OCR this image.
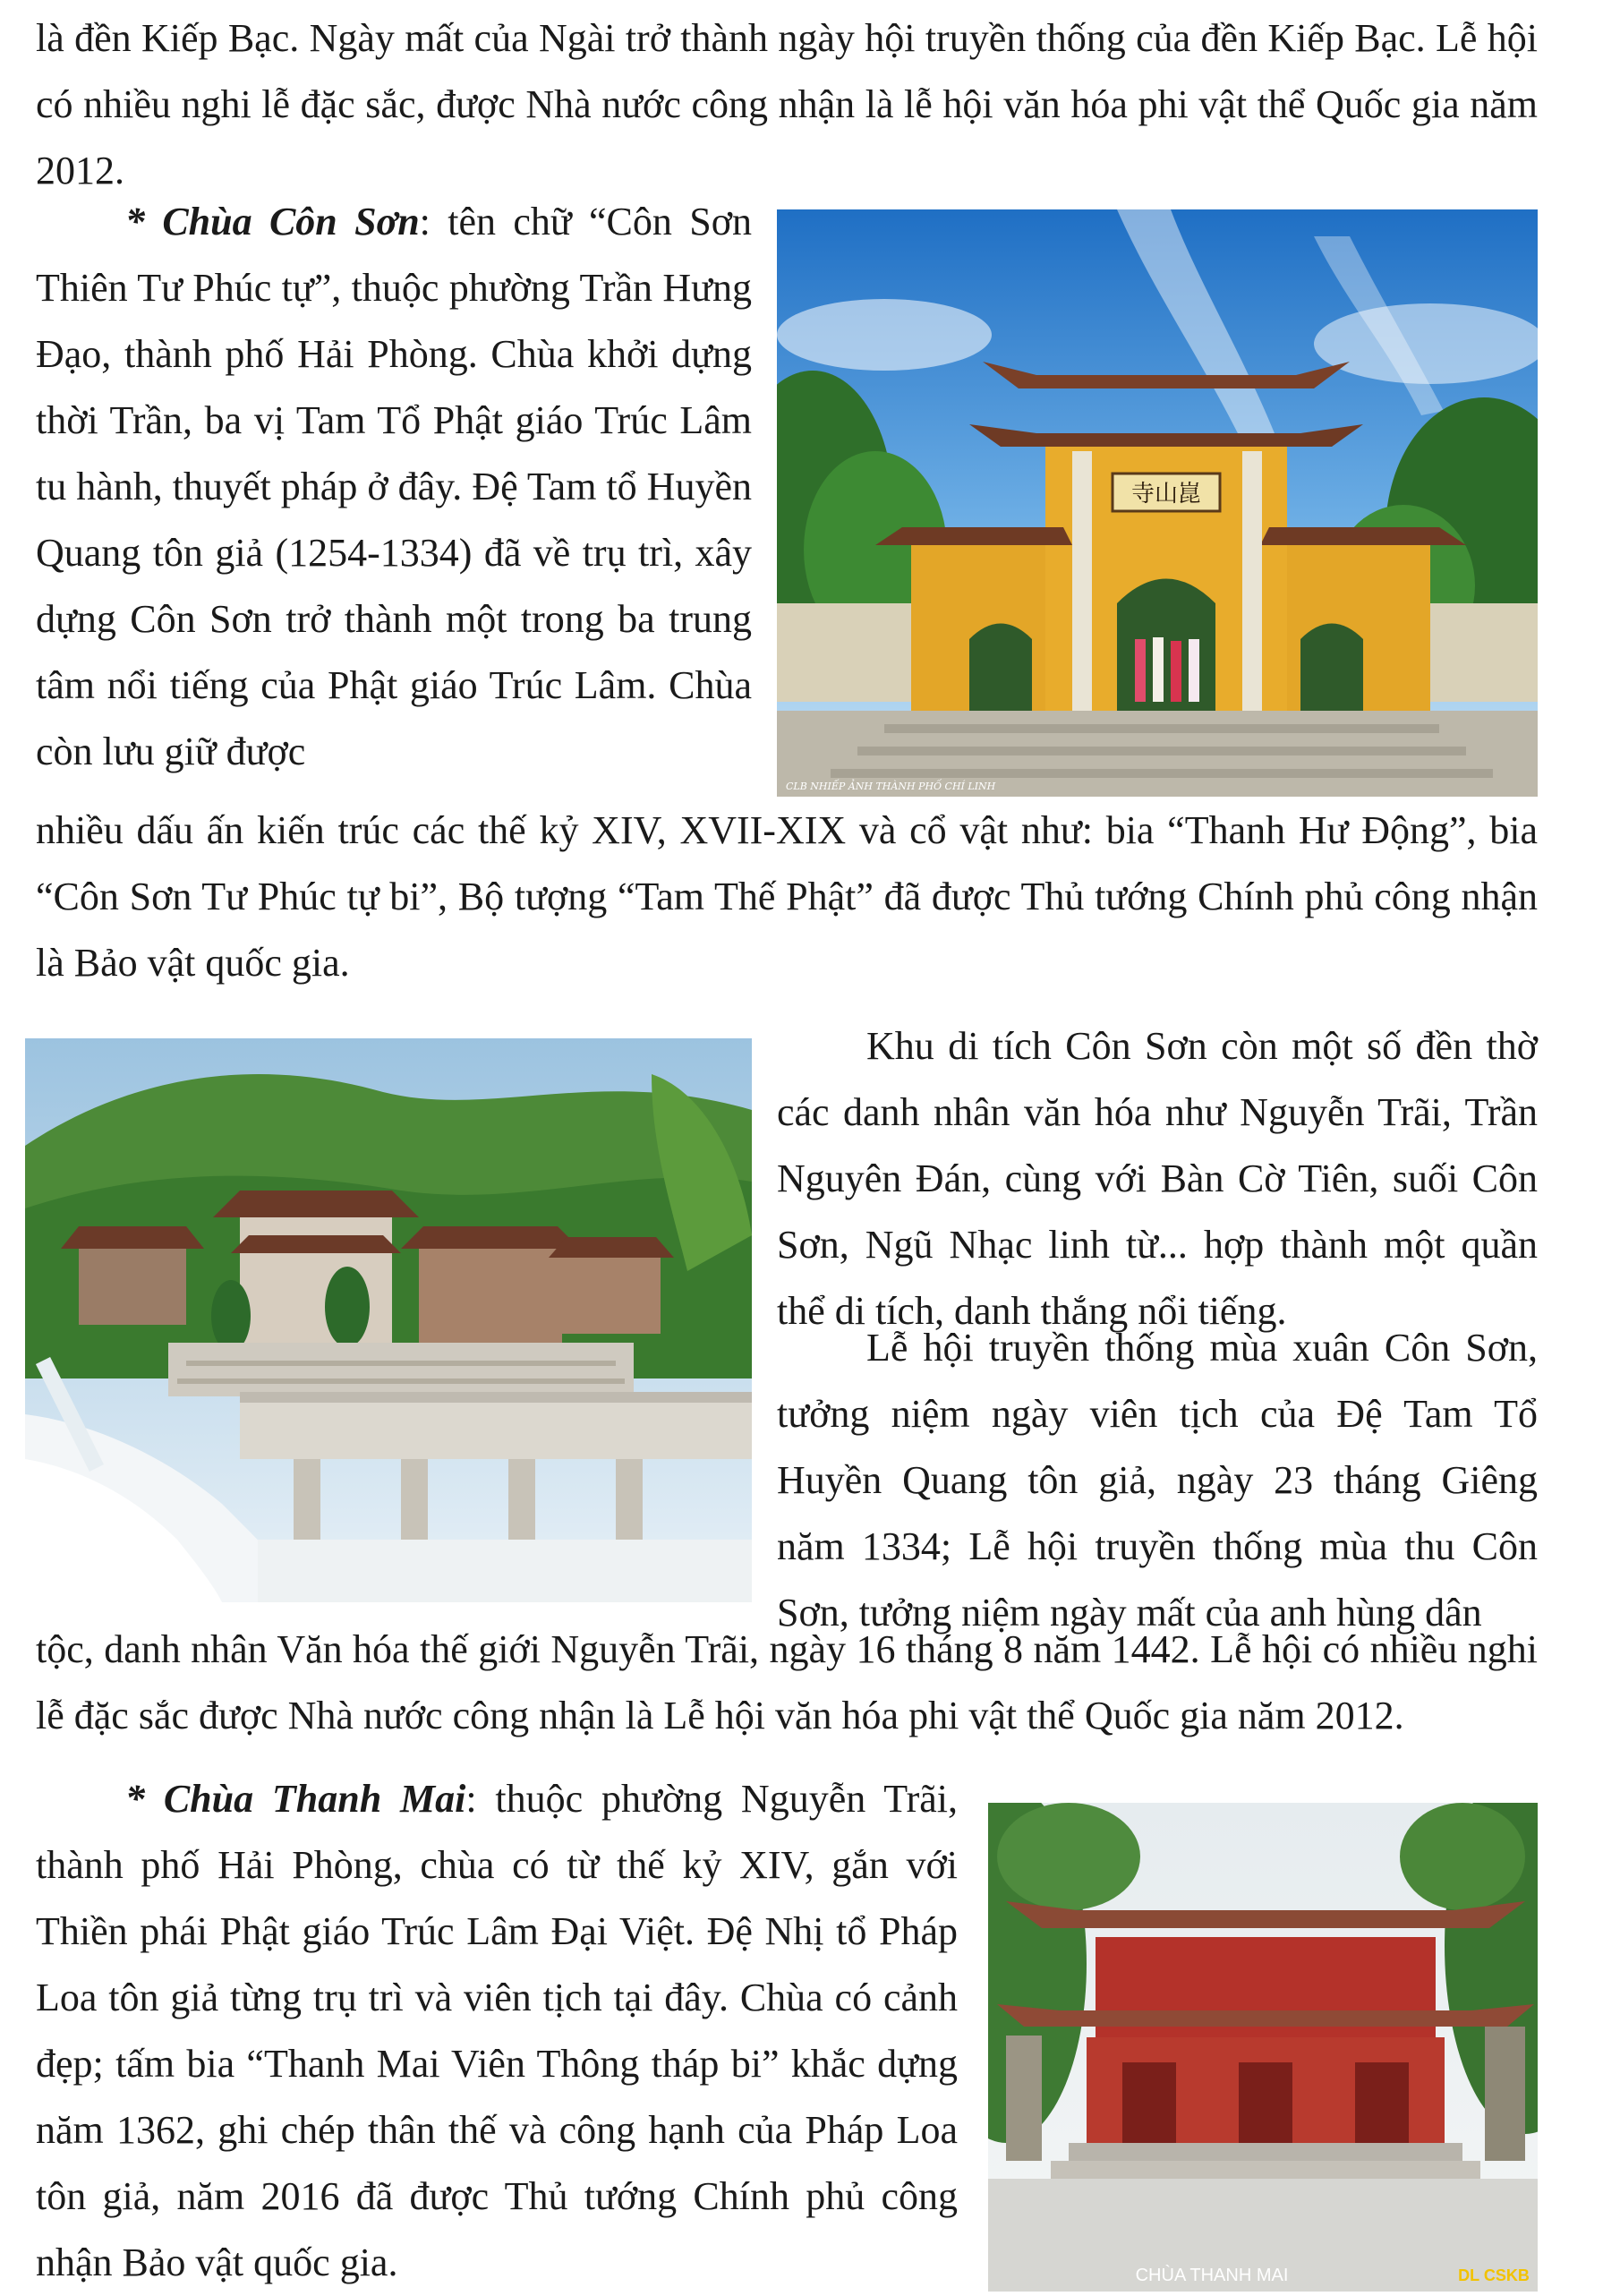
là đền Kiếp Bạc. Ngày mất của Ngài trở thành ngày hội truyền thống của đền Kiếp Bạc. Lễ hội có nhiều nghi lễ đặc sắc, được Nhà nước công nhận là lễ hội văn hóa phi vật thể Quốc gia năm 2012.

* Chùa Côn Sơn: tên chữ “Côn Sơn Thiên Tư Phúc tự”, thuộc phường Trần Hưng Đạo, thành phố Hải Phòng. Chùa khởi dựng thời Trần, ba vị Tam Tổ Phật giáo Trúc Lâm tu hành, thuyết pháp ở đây. Đệ Tam tổ Huyền Quang tôn giả (1254-1334) đã về trụ trì, xây dựng Côn Sơn trở thành một trong ba trung tâm nổi tiếng của Phật giáo Trúc Lâm. Chùa còn lưu giữ được

nhiều dấu ấn kiến trúc các thế kỷ XIV, XVII-XIX và cổ vật như: bia “Thanh Hư Động”, bia “Côn Sơn Tư Phúc tự bi”, Bộ tượng “Tam Thế Phật” đã được Thủ tướng Chính phủ công nhận là Bảo vật quốc gia.

寺山崑
CLB NHIẾP ẢNH THÀNH PHỐ CHÍ LINH

Khu di tích Côn Sơn còn một số đền thờ các danh nhân văn hóa như Nguyễn Trãi, Trần Nguyên Đán, cùng với Bàn Cờ Tiên, suối Côn Sơn, Ngũ Nhạc linh từ... hợp thành một quần thể di tích, danh thắng nổi tiếng.

Lễ hội truyền thống mùa xuân Côn Sơn, tưởng niệm ngày viên tịch của Đệ Tam Tổ Huyền Quang tôn giả, ngày 23 tháng Giêng năm 1334; Lễ hội truyền thống mùa thu Côn Sơn, tưởng niệm ngày mất của anh hùng dân

tộc, danh nhân Văn hóa thế giới Nguyễn Trãi, ngày 16 tháng 8 năm 1442. Lễ hội có nhiều nghi lễ đặc sắc được Nhà nước công nhận là Lễ hội văn hóa phi vật thể Quốc gia năm 2012.

* Chùa Thanh Mai: thuộc phường Nguyễn Trãi, thành phố Hải Phòng, chùa có từ thế kỷ XIV, gắn với Thiền phái Phật giáo Trúc Lâm Đại Việt. Đệ Nhị tổ Pháp Loa tôn giả từng trụ trì và viên tịch tại đây. Chùa có cảnh đẹp; tấm bia “Thanh Mai Viên Thông tháp bi” khắc dựng năm 1362, ghi chép thân thế và công hạnh của Pháp Loa tôn giả, năm 2016 đã được Thủ tướng Chính phủ công nhận Bảo vật quốc gia.	CHÙA THANH MAI	DL CSKB
